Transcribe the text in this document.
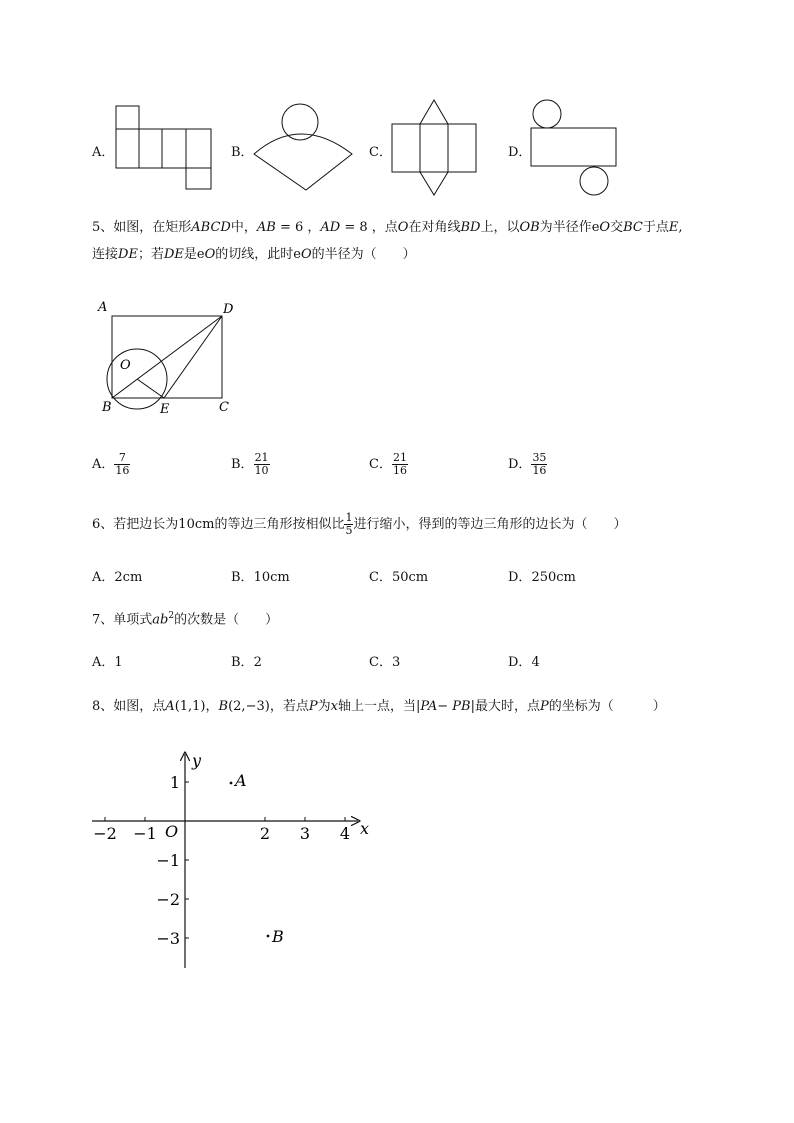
A．	B．	C．	D．
5、如图，在矩形ABCD中，AB = 6 ，AD = 8 ，点O在对角线BD上，以OB为半径作eO交BC于点E,
连接DE；若DE是eO的切线，此时eO的半径为（　　）
A	D
O
B	E	C
A． $\frac{7}{16}$	B． $\frac{21}{10}$	C． $\frac{21}{16}$	D． $\frac{35}{16}$
6、若把边长为10cm的等边三角形按相似比 $\frac{1}{5}$ 进行缩小，得到的等边三角形的边长为（　　）
A．2cm	B．10cm	C．50cm	D．250cm
7、单项式$ab^2$的次数是（　　）
A．1	B．2	C．3	D．4
8、如图，点A(1,1)，B(2,−3)，若点P为x轴上一点，当|PA− PB|最大时，点P的坐标为（　　　）
−2 −1	2 3 4
1
−1
−2
−3
O	x
y
A
B
